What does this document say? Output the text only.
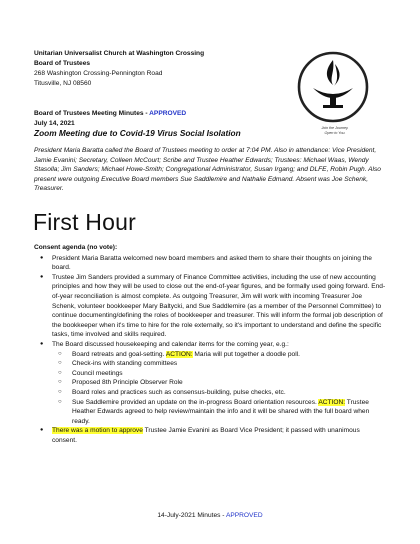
Unitarian Universalist Church at Washington Crossing
Board of Trustees
268 Washington Crossing-Pennington Road
Titusville, NJ 08560
Join the Journey.
Open to You.
Board of Trustees Meeting Minutes - APPROVED
July 14, 2021
Zoom Meeting due to Covid-19 Virus Social Isolation
President Maria Baratta called the Board of Trustees meeting to order at 7:04 PM. Also in attendance: Vice President, Jamie Evanini; Secretary, Colleen McCourt; Scribe and Trustee Heather Edwards; Trustees: Michael Waas, Wendy Stasolla; Jim Sanders; Michael Howe-Smith; Congregational Administrator, Susan Irgang; and DLFE, Robin Pugh. Also present were outgoing Executive Board members Sue Saddlemire and Nathalie Edmand. Absent was Joe Schenk, Treasurer.
First Hour
Consent agenda (no vote):
● President Maria Baratta welcomed new board members and asked them to share their thoughts on joining the board.
● Trustee Jim Sanders provided a summary of Finance Committee activities, including the use of new accounting principles and how they will be used to close out the end-of-year figures, and be formally used going forward. End-of-year reconciliation is almost complete. As outgoing Treasurer, Jim will work with incoming Treasurer Joe Schenk, volunteer bookkeeper Mary Baltycki, and Sue Saddlemire (as a member of the Personnel Committee) to continue documenting/defining the roles of bookkeeper and treasurer. This will inform the formal job description of the bookkeeper when it's time to hire for the role externally, so it's important to understand and define the specific tasks, time involved and skills required.
● The Board discussed housekeeping and calendar items for the coming year, e.g.:
○ Board retreats and goal-setting. ACTION: Maria will put together a doodle poll.
○ Check-ins with standing committees
○ Council meetings
○ Proposed 8th Principle Observer Role
○ Board roles and practices such as consensus-building, pulse checks, etc.
○ Sue Saddlemire provided an update on the in-progress Board orientation resources. ACTION: Trustee Heather Edwards agreed to help review/maintain the info and it will be shared with the full board when ready.
● There was a motion to approve Trustee Jamie Evanini as Board Vice President; it passed with unanimous consent.
14-July-2021 Minutes - APPROVED
